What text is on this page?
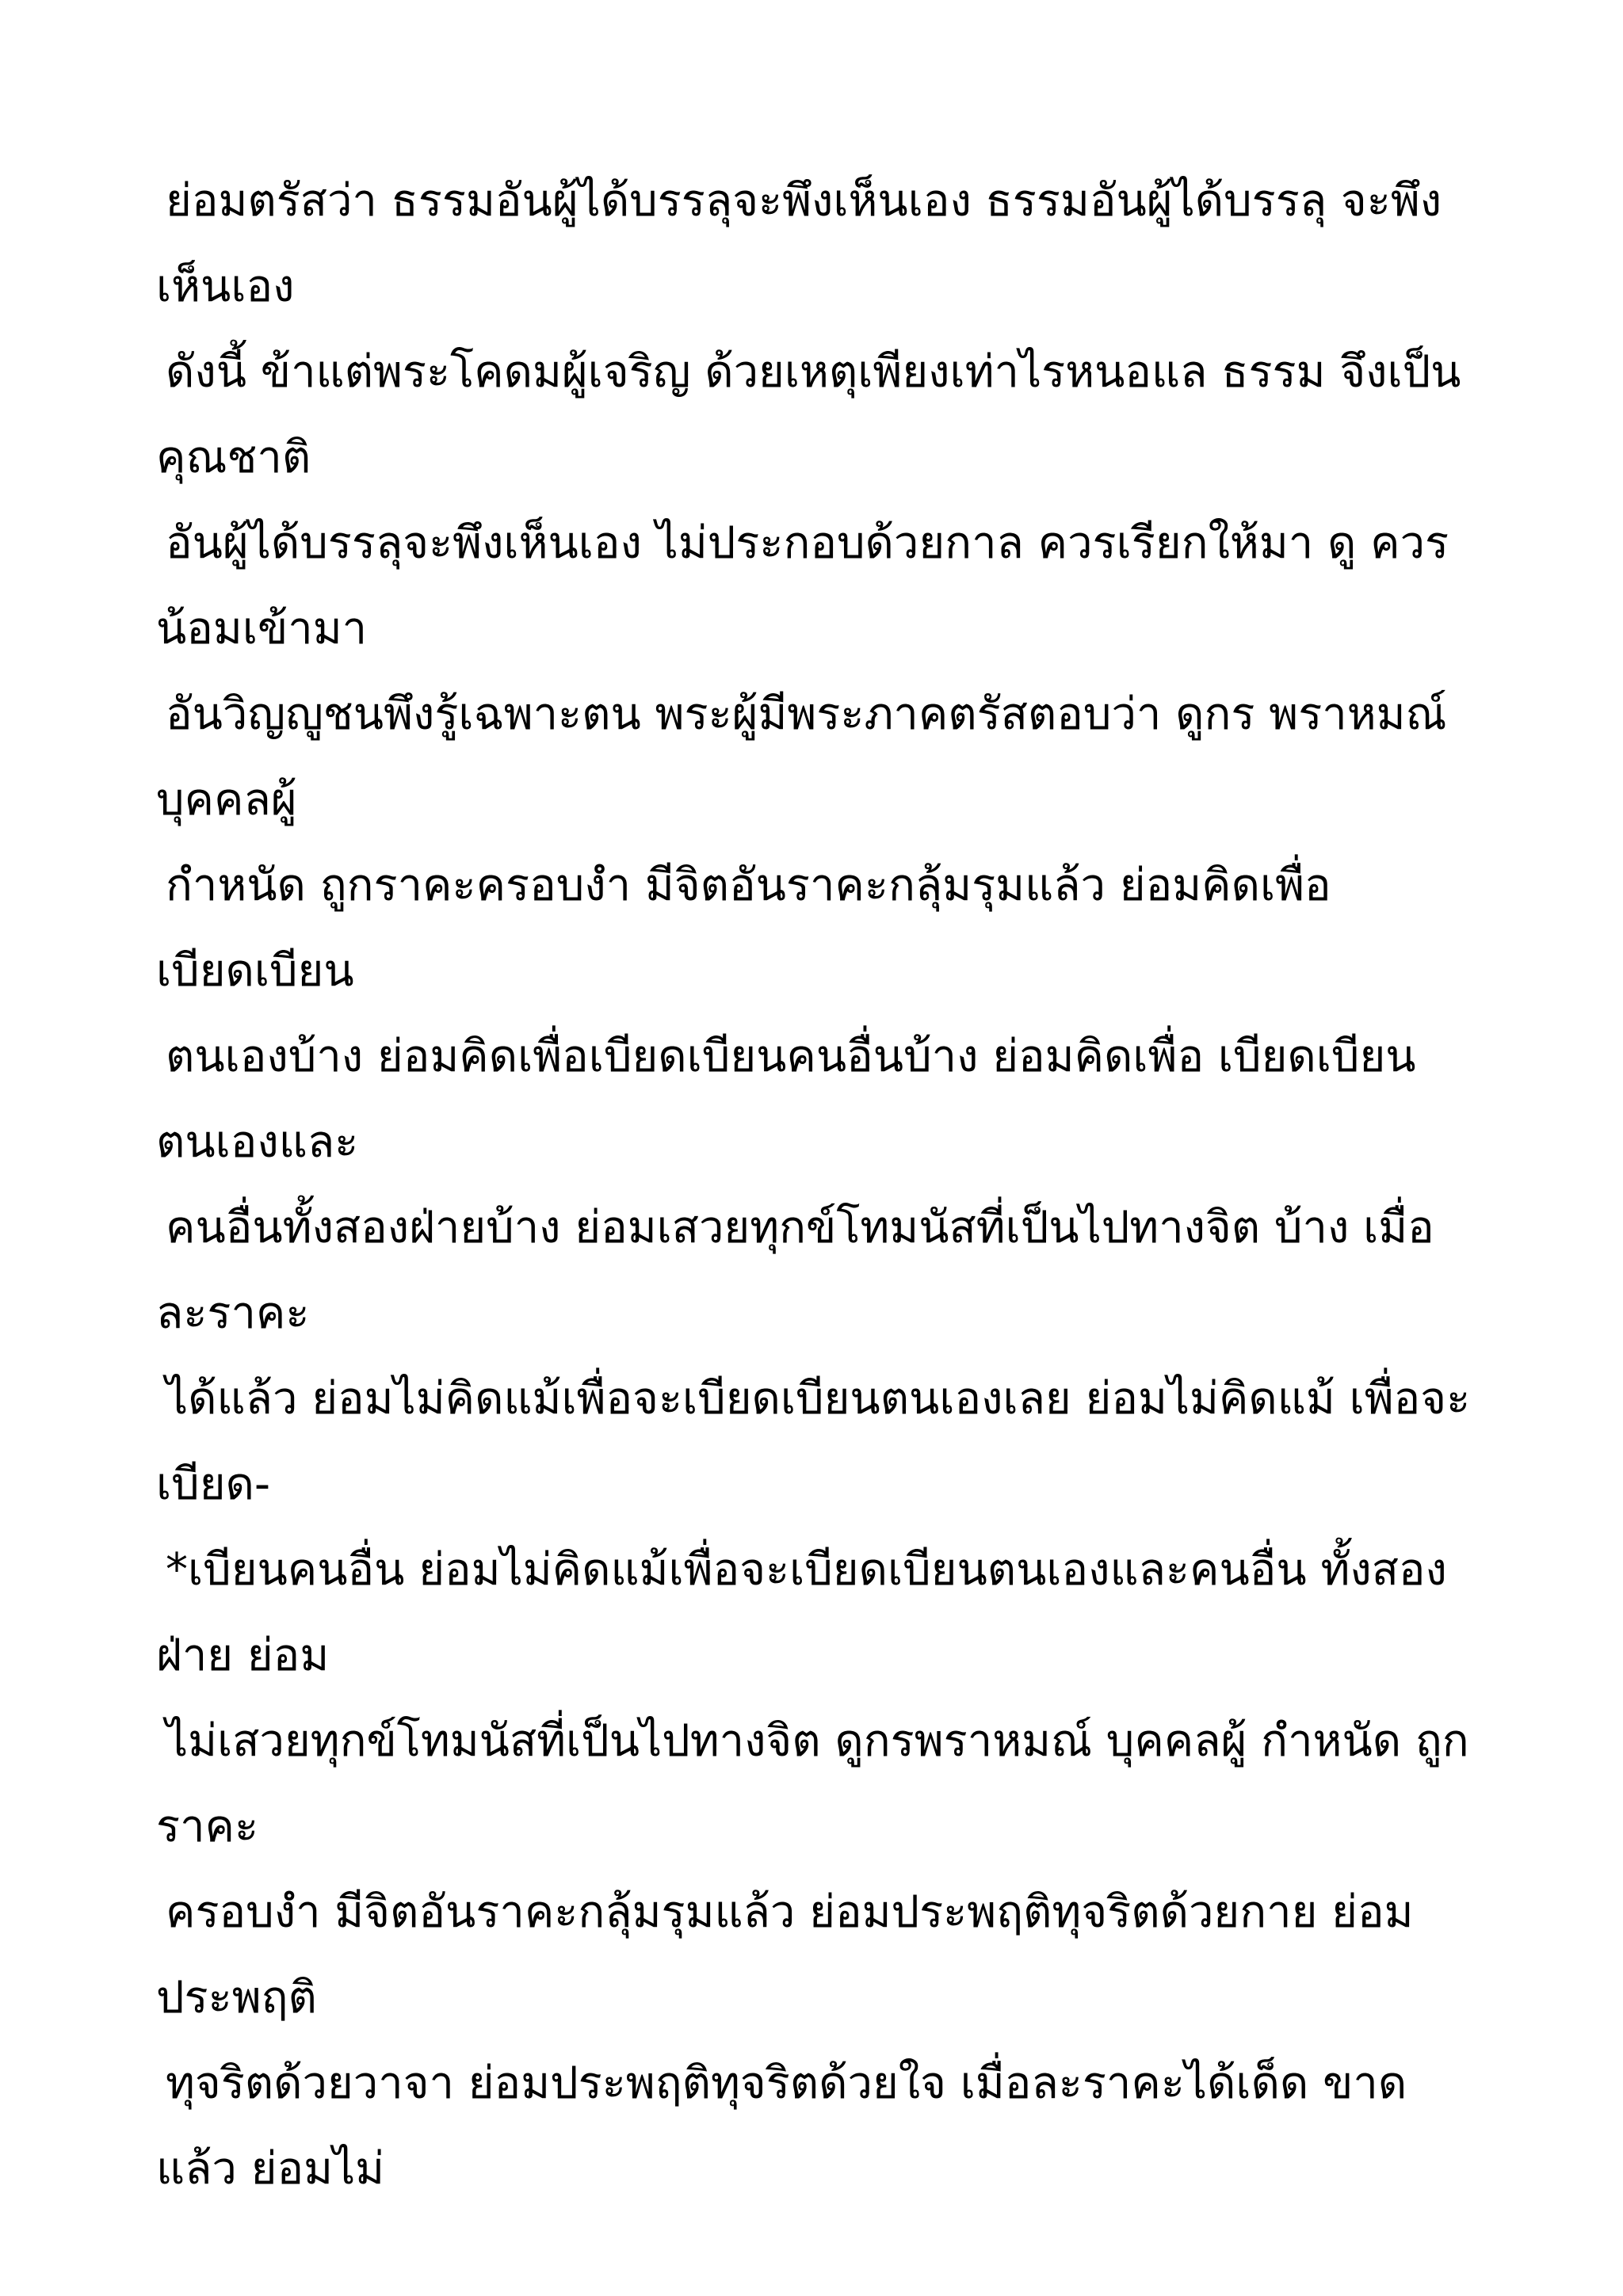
ย่อมตรัสว่า ธรรมอันผู้ได้บรรลุจะพึงเห็นเอง ธรรมอันผู้ได้บรรลุ จะพึงเห็นเอง

ดังนี้ ข้าแต่พระโคดมผู้เจริญ ด้วยเหตุเพียงเท่าไรหนอแล ธรรม จึงเป็นคุณชาติ

อันผู้ได้บรรลุจะพึงเห็นเอง ไม่ประกอบด้วยกาล ควรเรียกให้มา ดู ควรน้อมเข้ามา

อันวิญญูชนพึงรู้เฉพาะตน พระผู้มีพระภาคตรัสตอบว่า ดูกร พราหมณ์ บุคคลผู้

กำหนัด ถูกราคะครอบงำ มีจิตอันราคะกลุ้มรุมแล้ว ย่อมคิดเพื่อ เบียดเบียน

ตนเองบ้าง ย่อมคิดเพื่อเบียดเบียนคนอื่นบ้าง ย่อมคิดเพื่อ เบียดเบียนตนเองและ

คนอื่นทั้งสองฝ่ายบ้าง ย่อมเสวยทุกข์โทมนัสที่เป็นไปทางจิต บ้าง เมื่อละราคะ

ได้แล้ว ย่อมไม่คิดแม้เพื่อจะเบียดเบียนตนเองเลย ย่อมไม่คิดแม้ เพื่อจะเบียด-

*เบียนคนอื่น ย่อมไม่คิดแม้เพื่อจะเบียดเบียนตนเองและคนอื่น ทั้งสองฝ่าย ย่อม

ไม่เสวยทุกข์โทมนัสที่เป็นไปทางจิต ดูกรพราหมณ์ บุคคลผู้ กำหนัด ถูกราคะ

ครอบงำ มีจิตอันราคะกลุ้มรุมแล้ว ย่อมประพฤติทุจริตด้วยกาย ย่อมประพฤติ

ทุจริตด้วยวาจา ย่อมประพฤติทุจริตด้วยใจ เมื่อละราคะได้เด็ด ขาดแล้ว ย่อมไม่
